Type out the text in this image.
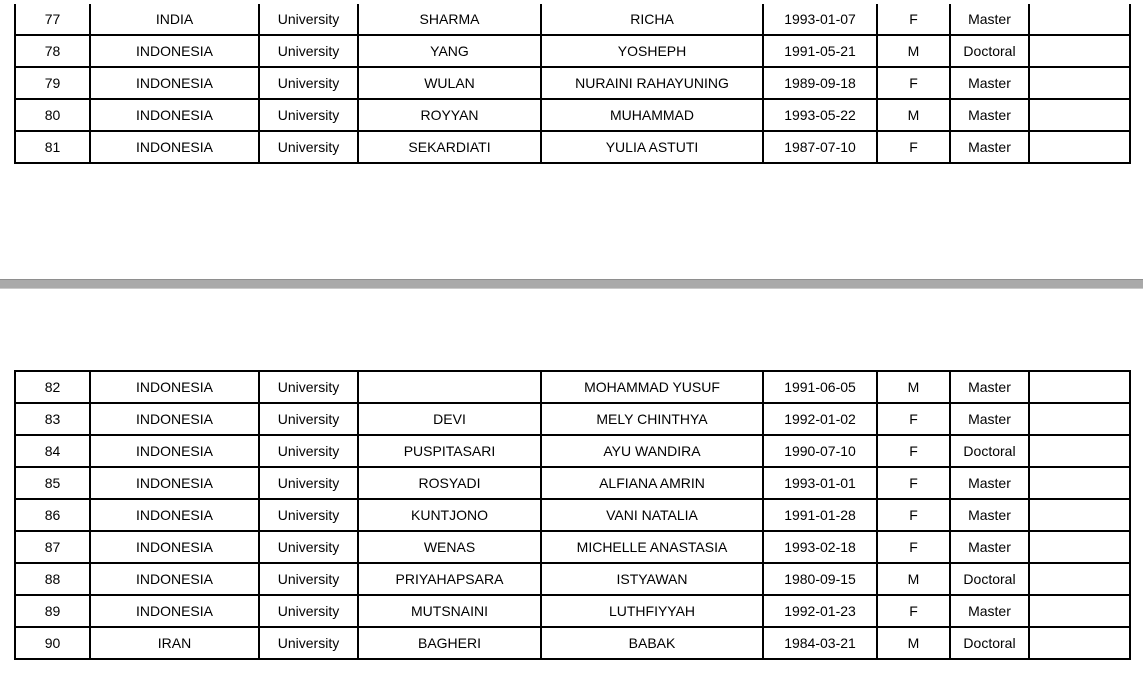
77	INDIA	University	SHARMA	RICHA	1993-01-07	F	Master	
78	INDONESIA	University	YANG	YOSHEPH	1991-05-21	M	Doctoral	
79	INDONESIA	University	WULAN	NURAINI RAHAYUNING	1989-09-18	F	Master	
80	INDONESIA	University	ROYYAN	MUHAMMAD	1993-05-22	M	Master	
81	INDONESIA	University	SEKARDIATI	YULIA ASTUTI	1987-07-10	F	Master	
82	INDONESIA	University		MOHAMMAD YUSUF	1991-06-05	M	Master	
83	INDONESIA	University	DEVI	MELY CHINTHYA	1992-01-02	F	Master	
84	INDONESIA	University	PUSPITASARI	AYU WANDIRA	1990-07-10	F	Doctoral	
85	INDONESIA	University	ROSYADI	ALFIANA AMRIN	1993-01-01	F	Master	
86	INDONESIA	University	KUNTJONO	VANI NATALIA	1991-01-28	F	Master	
87	INDONESIA	University	WENAS	MICHELLE ANASTASIA	1993-02-18	F	Master	
88	INDONESIA	University	PRIYAHAPSARA	ISTYAWAN	1980-09-15	M	Doctoral	
89	INDONESIA	University	MUTSNAINI	LUTHFIYYAH	1992-01-23	F	Master	
90	IRAN	University	BAGHERI	BABAK	1984-03-21	M	Doctoral	
